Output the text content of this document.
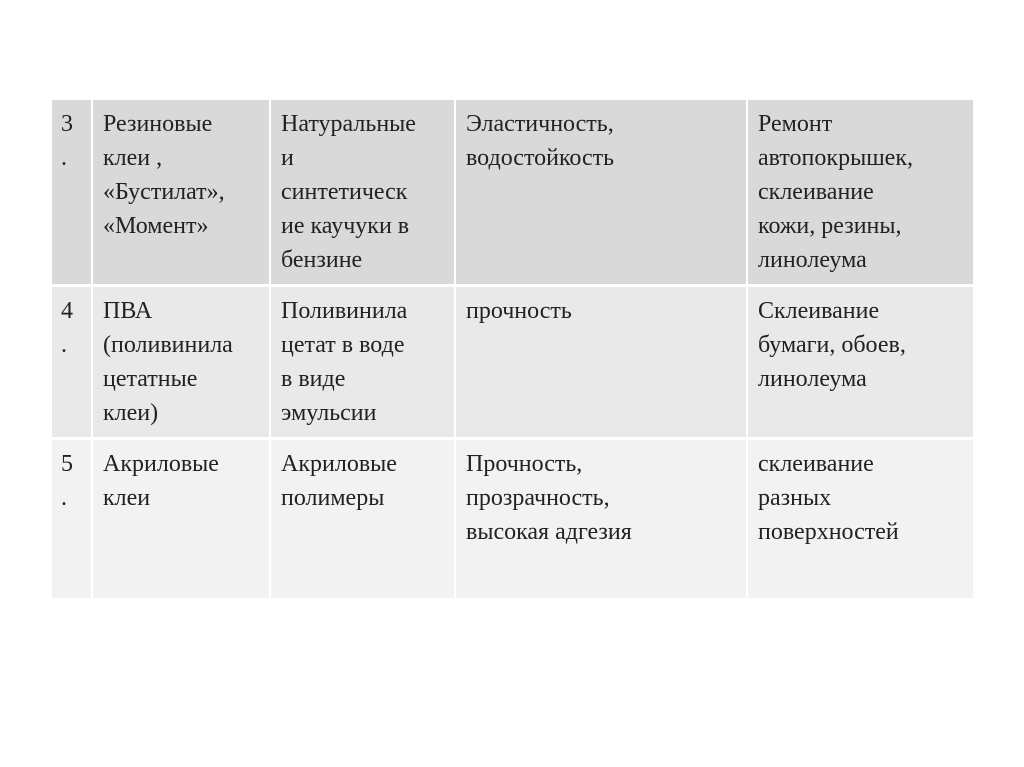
3
.	Резиновые
клеи ,
«Бустилат»,
«Момент»	Натуральные
и
синтетическ
ие каучуки в
бензине	Эластичность,
водостойкость	Ремонт
автопокрышек,
склеивание
кожи, резины,
линолеума

4
.	ПВА
(поливинила
цетатные
клеи)	Поливинила
цетат в воде
в виде
эмульсии	прочность	Склеивание
бумаги, обоев,
линолеума

5
.	Акриловые
клеи	Акриловые
полимеры	Прочность,
прозрачность,
высокая адгезия	склеивание
разных
поверхностей
